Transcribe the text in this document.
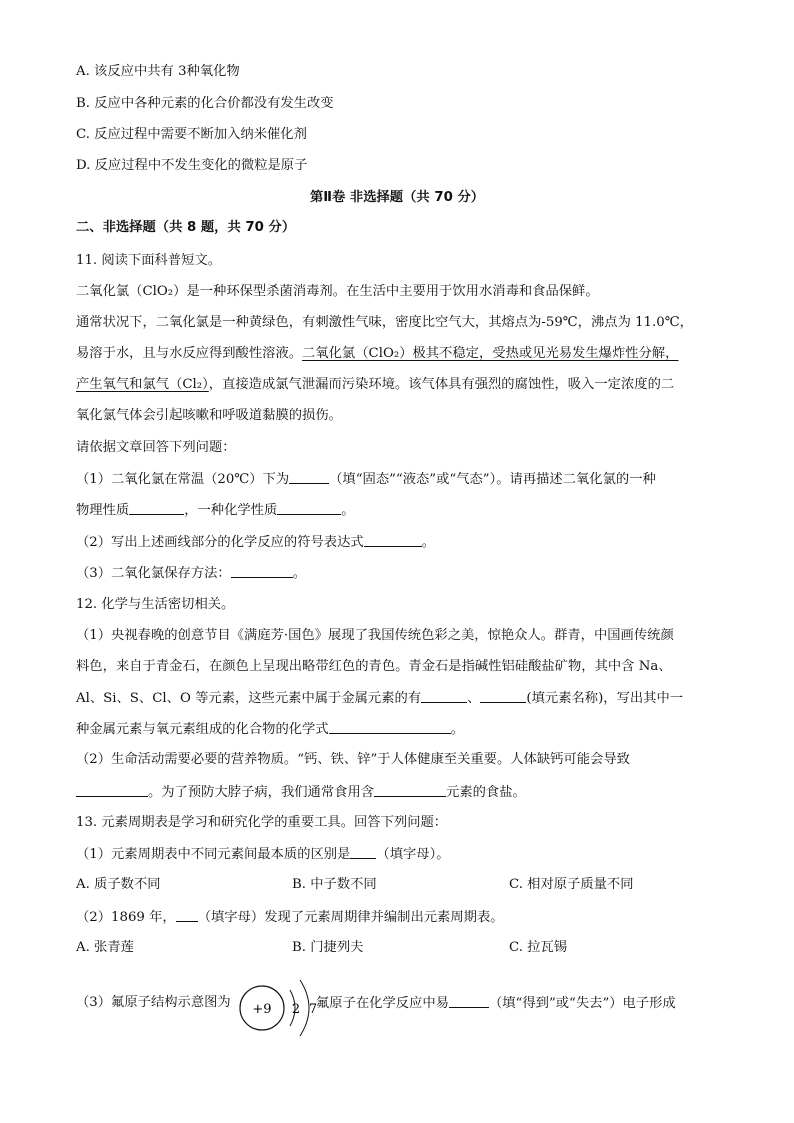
A. 该反应中共有 3种氧化物
B. 反应中各种元素的化合价都没有发生改变
C. 反应过程中需要不断加入纳米催化剂
D. 反应过程中不发生变化的微粒是原子
第Ⅱ卷 非选择题（共 70 分）
二、非选择题（共 8 题，共 70 分）
11. 阅读下面科普短文。
二氧化氯（ClO₂）是一种环保型杀菌消毒剂。在生活中主要用于饮用水消毒和食品保鲜。
通常状况下，二氧化氯是一种黄绿色，有刺激性气味，密度比空气大，其熔点为-59℃，沸点为 11.0℃，
易溶于水，且与水反应得到酸性溶液。二氧化氯（ClO₂）极其不稳定，受热或见光易发生爆炸性分解，
产生氧气和氯气（Cl₂），直接造成氯气泄漏而污染环境。该气体具有强烈的腐蚀性，吸入一定浓度的二
氧化氯气体会引起咳嗽和呼吸道黏膜的损伤。
请依据文章回答下列问题：
（1）二氧化氯在常温（20℃）下为	（填“固态”“液态”或“气态”）。请再描述二氧化氯的一种
物理性质	，一种化学性质	。
（2）写出上述画线部分的化学反应的符号表达式	。
（3）二氧化氯保存方法：	。
12. 化学与生活密切相关。
（1）央视春晚的创意节目《满庭芳·国色》展现了我国传统色彩之美，惊艳众人。群青，中国画传统颜
料色，来自于青金石，在颜色上呈现出略带红色的青色。青金石是指碱性铝硅酸盐矿物，其中含 Na、
Al、Si、S、Cl、O 等元素，这些元素中属于金属元素的有	、	(填元素名称)，写出其中一
种金属元素与氧元素组成的化合物的化学式	。
（2）生命活动需要必要的营养物质。“钙、铁、锌”于人体健康至关重要。人体缺钙可能会导致
。为了预防大脖子病，我们通常食用含	元素的食盐。
13. 元素周期表是学习和研究化学的重要工具。回答下列问题：
（1）元素周期表中不同元素间最本质的区别是 （填字母）。
A. 质子数不同	B. 中子数不同	C. 相对原子质量不同
（2）1869 年， （填字母）发现了元素周期律并编制出元素周期表。
A. 张青莲	B. 门捷列夫	C. 拉瓦锡
（3）氟原子结构示意图为 +9 2 7
氟原子在化学反应中易	（填“得到”或“失去”）电子形成
